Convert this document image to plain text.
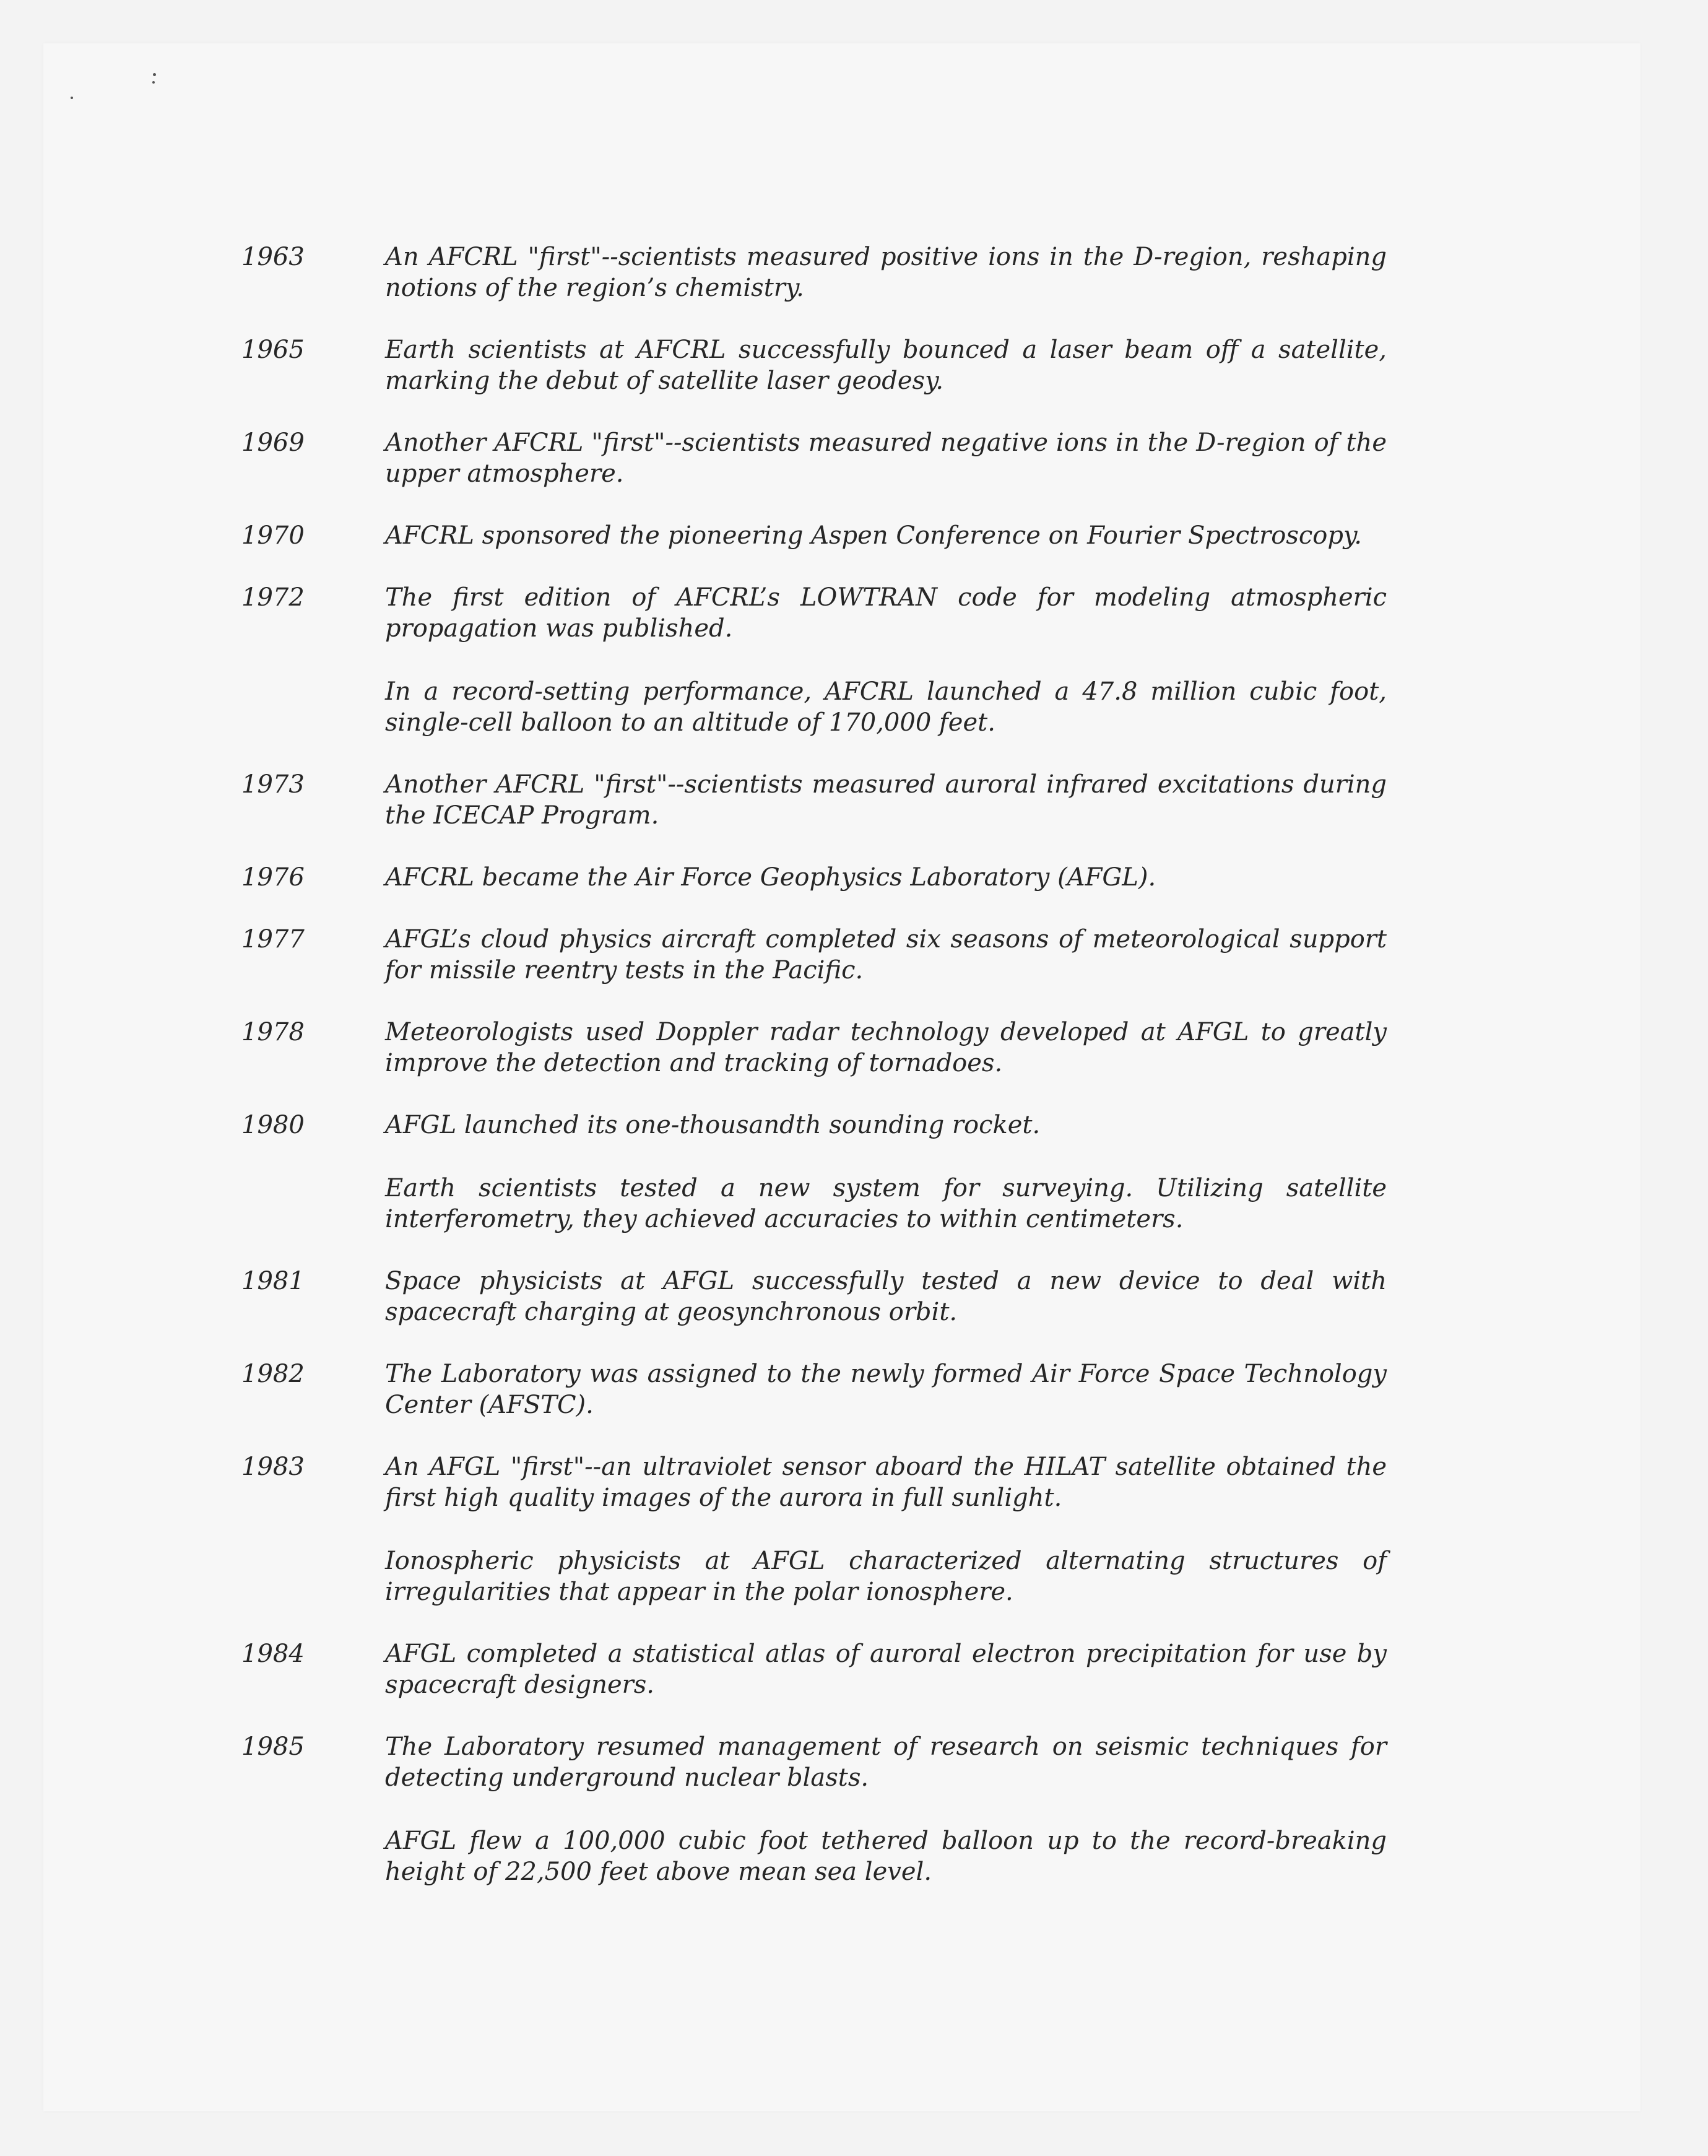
1963	An AFCRL "first"--scientists measured positive ions in the D-region, reshaping notions of the region’s chemistry.

1965	Earth scientists at AFCRL successfully bounced a laser beam off a satellite, marking the debut of satellite laser geodesy.

1969	Another AFCRL "first"--scientists measured negative ions in the D-region of the upper atmosphere.

1970	AFCRL sponsored the pioneering Aspen Conference on Fourier Spectroscopy.

1972	The first edition of AFCRL’s LOWTRAN code for modeling atmospheric propagation was published.

In a record-setting performance, AFCRL launched a 47.8 million cubic foot, single-cell balloon to an altitude of 170,000 feet.

1973	Another AFCRL "first"--scientists measured auroral infrared excitations during the ICECAP Program.

1976	AFCRL became the Air Force Geophysics Laboratory (AFGL).

1977	AFGL’s cloud physics aircraft completed six seasons of meteorological support for missile reentry tests in the Pacific.

1978	Meteorologists used Doppler radar technology developed at AFGL to greatly improve the detection and tracking of tornadoes.

1980	AFGL launched its one-thousandth sounding rocket.

Earth scientists tested a new system for surveying. Utilizing satellite interferometry, they achieved accuracies to within centimeters.

1981	Space physicists at AFGL successfully tested a new device to deal with spacecraft charging at geosynchronous orbit.

1982	The Laboratory was assigned to the newly formed Air Force Space Technology Center (AFSTC).

1983	An AFGL "first"--an ultraviolet sensor aboard the HILAT satellite obtained the first high quality images of the aurora in full sunlight.

Ionospheric physicists at AFGL characterized alternating structures of irregularities that appear in the polar ionosphere.

1984	AFGL completed a statistical atlas of auroral electron precipitation for use by spacecraft designers.

1985	The Laboratory resumed management of research on seismic techniques for detecting underground nuclear blasts.

AFGL flew a 100,000 cubic foot tethered balloon up to the record-breaking height of 22,500 feet above mean sea level.
